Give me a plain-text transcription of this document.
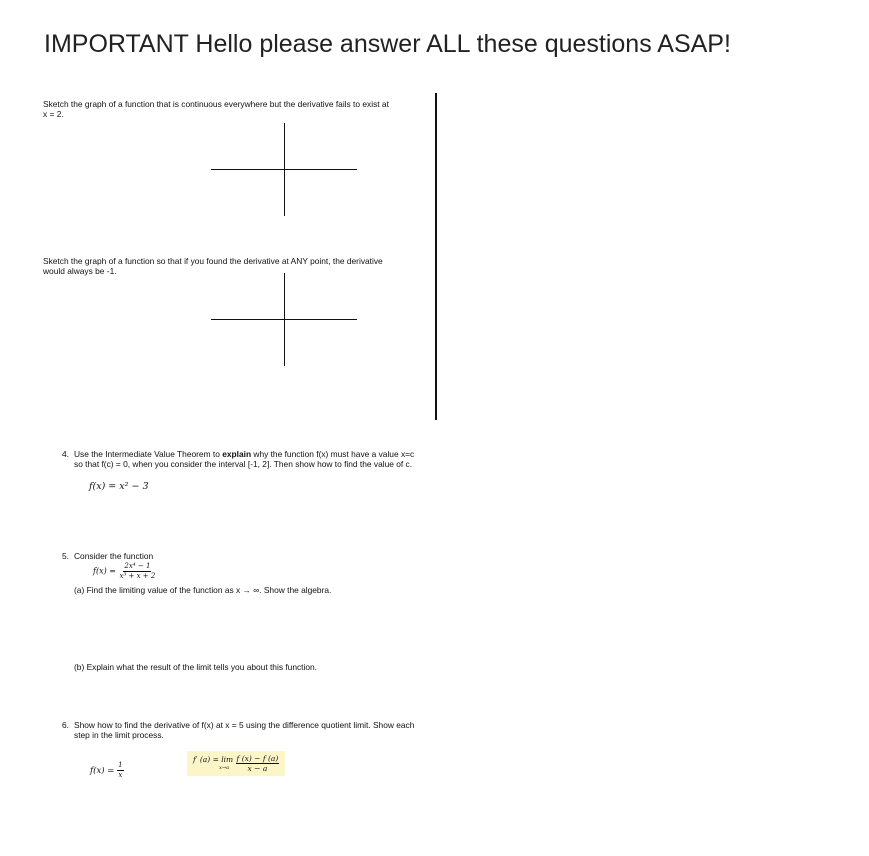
IMPORTANT Hello please answer ALL these questions ASAP!
Sketch the graph of a function that is continuous everywhere but the derivative fails to exist at
x = 2.
Sketch the graph of a function so that if you found the derivative at ANY point, the derivative
would always be -1.
4. Use the Intermediate Value Theorem to explain why the function f(x) must have a value x=c
so that f(c) = 0, when you consider the interval [-1, 2]. Then show how to find the value of c.
f(x) = x² − 3
5. Consider the function
$f(x) = \frac{\text{2x⁴ − 1}}{\text{x³ + x + 2}}$
(a) Find the limiting value of the function as x → ∞. Show the algebra.
(b) Explain what the result of the limit tells you about this function.
6. Show how to find the derivative of f(x) at x = 5 using the difference quotient limit. Show each
step in the limit process.
$f(x) = \frac{1}{x}$
f′ (a) = lim
x→a
$\frac{f (x) - f (a)}{x - a}$
